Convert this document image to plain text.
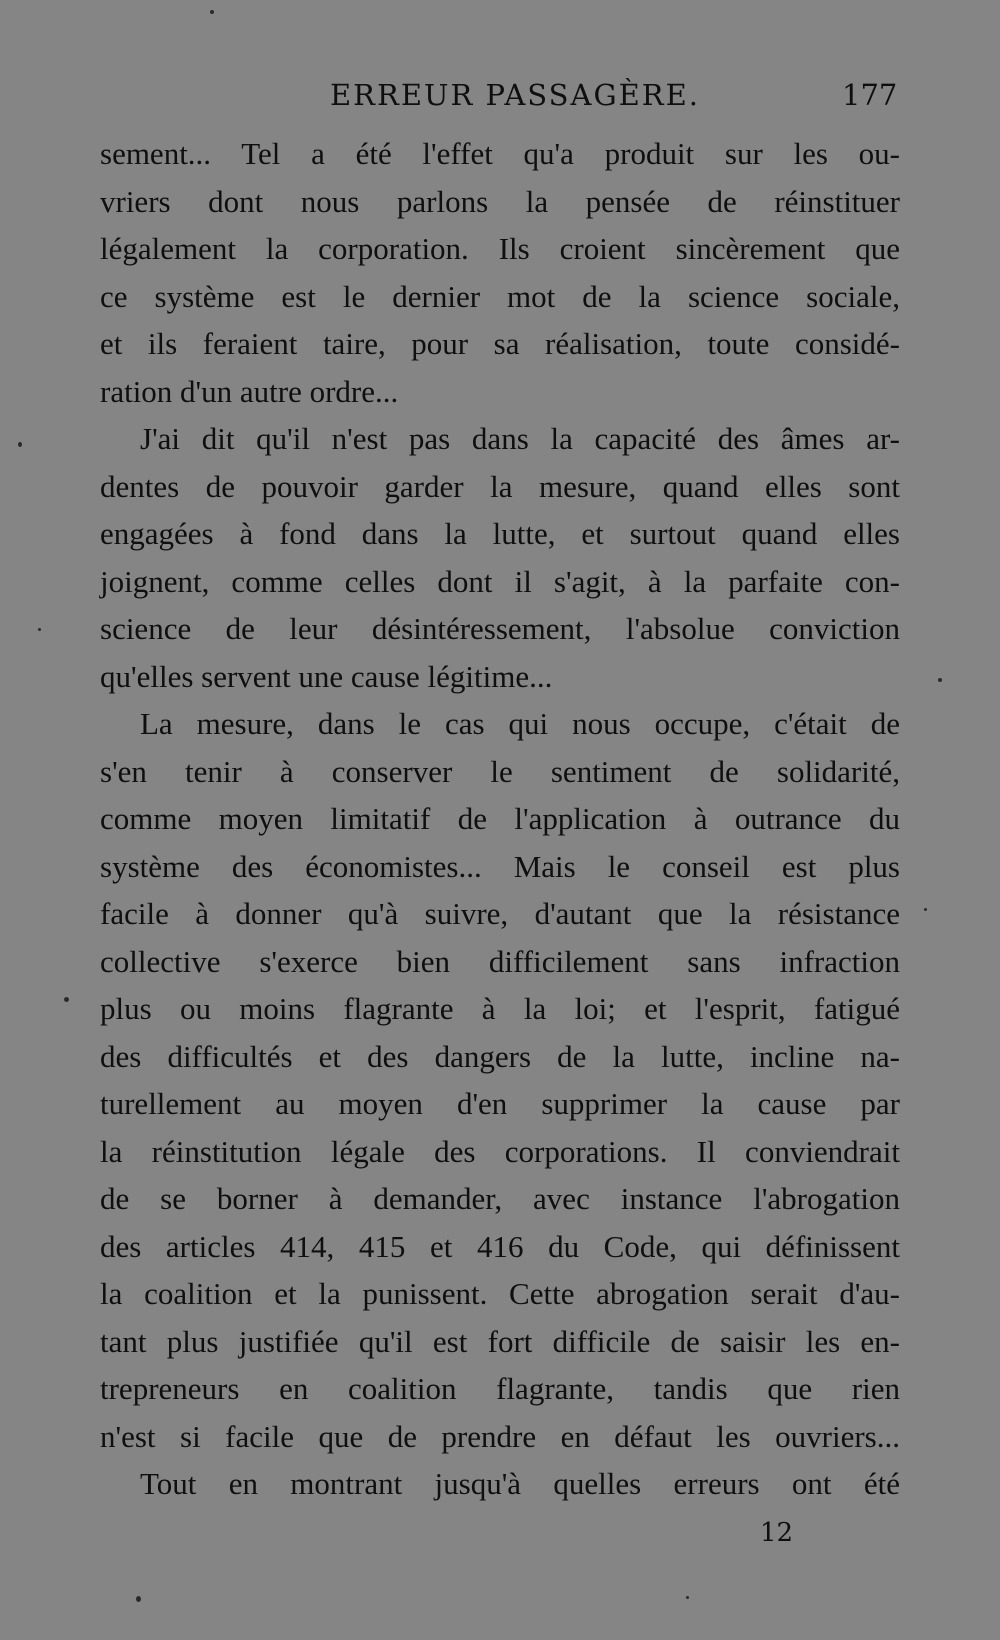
ERREUR PASSAGÈRE.	177
sement... Tel a été l'effet qu'a produit sur les ou-
vriers dont nous parlons la pensée de réinstituer
légalement la corporation. Ils croient sincèrement que
ce système est le dernier mot de la science sociale,
et ils feraient taire, pour sa réalisation, toute considé-
ration d'un autre ordre...
J'ai dit qu'il n'est pas dans la capacité des âmes ar-
dentes de pouvoir garder la mesure, quand elles sont
engagées à fond dans la lutte, et surtout quand elles
joignent, comme celles dont il s'agit, à la parfaite con-
science de leur désintéressement, l'absolue conviction
qu'elles servent une cause légitime...
La mesure, dans le cas qui nous occupe, c'était de
s'en tenir à conserver le sentiment de solidarité,
comme moyen limitatif de l'application à outrance du
système des économistes... Mais le conseil est plus
facile à donner qu'à suivre, d'autant que la résistance
collective s'exerce bien difficilement sans infraction
plus ou moins flagrante à la loi; et l'esprit, fatigué
des difficultés et des dangers de la lutte, incline na-
turellement au moyen d'en supprimer la cause par
la réinstitution légale des corporations. Il conviendrait
de se borner à demander, avec instance l'abrogation
des articles 414, 415 et 416 du Code, qui définissent
la coalition et la punissent. Cette abrogation serait d'au-
tant plus justifiée qu'il est fort difficile de saisir les en-
trepreneurs en coalition flagrante, tandis que rien
n'est si facile que de prendre en défaut les ouvriers...
Tout en montrant jusqu'à quelles erreurs ont été
12
